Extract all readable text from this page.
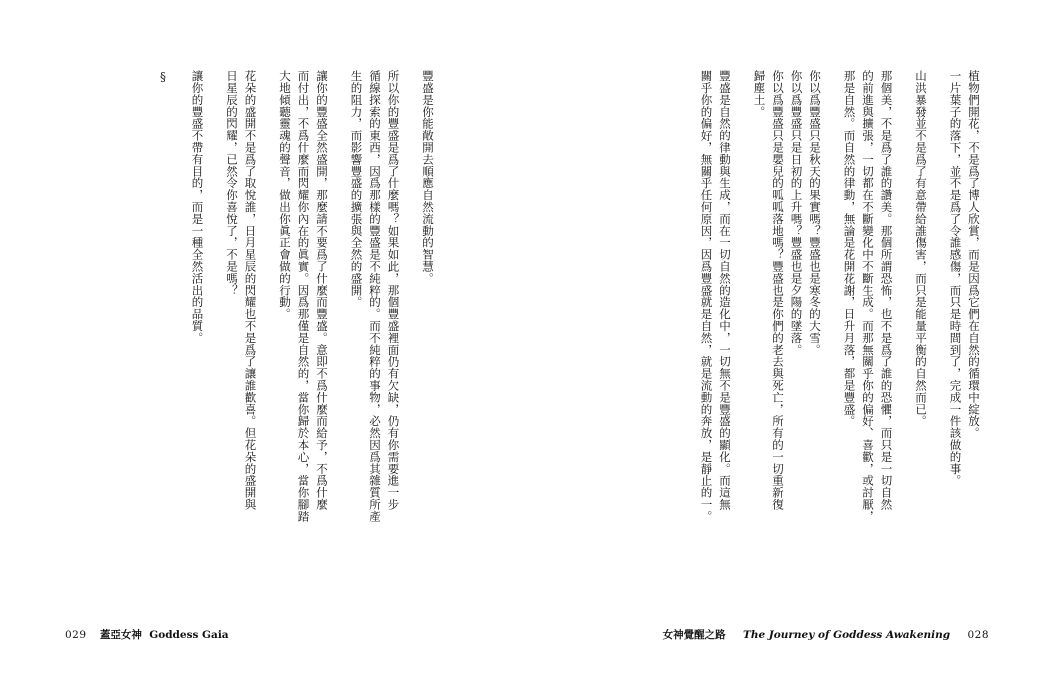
豐盛是你能敞開去順應自然流動的智慧。
所以你的豐盛是爲了什麼嗎？如果如此，那個豐盛裡面仍有欠缺，仍有你需要進一步
循線探索的東西，因爲那樣的豐盛是不純粹的。而不純粹的事物，必然因爲其雜質所產
生的阻力，而影響豐盛的擴張與全然的盛開。
讓你的豐盛全然盛開，那麼請不要爲了什麼而豐盛。意即不爲什麼而給予，不爲什麼
而付出，不爲什麼而閃耀你內在的眞實。因爲那僅是自然的，當你歸於本心，當你腳踏
大地傾聽靈魂的聲音，做出你眞正會做的行動。
花朵的盛開不是爲了取悅誰，日月星辰的閃耀也不是爲了讓誰歡喜。但花朵的盛開與
日星辰的閃耀，已然令你喜悅了，不是嗎？
讓你的豐盛不帶有目的，而是一種全然活出的品質。
§
029 蓋亞女神 Goddess Gaia
植物們開花，不是爲了博人欣賞，而是因爲它們在自然的循環中綻放。
一片葉子的落下，並不是爲了令誰感傷，而只是時間到了，完成一件該做的事。
山洪暴發並不是爲了有意帶給誰傷害，而只是能量平衡的自然而已。
那個美，不是爲了誰的讚美。那個所謂恐怖，也不是爲了誰的恐懼，而只是一切自然
的前進與擴張，一切都在不斷變化中不斷生成。而那無關乎你的偏好、喜歡，或討厭，
那是自然。而自然的律動，無論是花開花謝，日升月落，都是豐盛。
你以爲豐盛只是秋天的果實嗎？豐盛也是寒冬的大雪。
你以爲豐盛只是日初的上升嗎？豐盛也是夕陽的墜落。
你以爲豐盛只是嬰兒的呱呱落地嗎？豐盛也是你們的老去與死亡，所有的一切重新復
歸塵土。
豐盛是自然的律動與生成，而在一切自然的造化中，一切無不是豐盛的顯化。而這無
關乎你的偏好，無關乎任何原因，因爲豐盛就是自然，就是流動的奔放，是靜止的一。
女神覺醒之路 The Journey of Goddess Awakening 028
